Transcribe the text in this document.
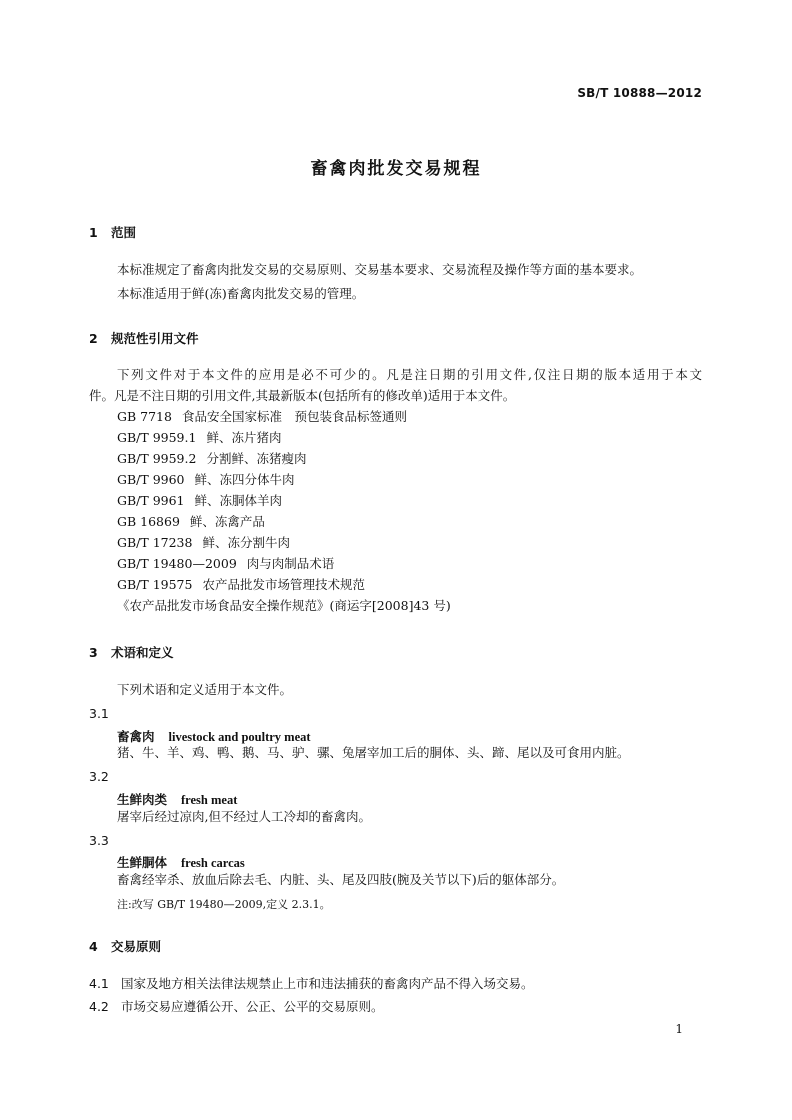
SB/T 10888—2012
畜禽肉批发交易规程
1 范围
本标准规定了畜禽肉批发交易的交易原则、交易基本要求、交易流程及操作等方面的基本要求。
本标准适用于鲜(冻)畜禽肉批发交易的管理。
2 规范性引用文件
下列文件对于本文件的应用是必不可少的。凡是注日期的引用文件,仅注日期的版本适用于本文
件。凡是不注日期的引用文件,其最新版本(包括所有的修改单)适用于本文件。
GB 7718 食品安全国家标准　预包装食品标签通则
GB/T 9959.1 鲜、冻片猪肉
GB/T 9959.2 分割鲜、冻猪瘦肉
GB/T 9960 鲜、冻四分体牛肉
GB/T 9961 鲜、冻胴体羊肉
GB 16869 鲜、冻禽产品
GB/T 17238 鲜、冻分割牛肉
GB/T 19480—2009 肉与肉制品术语
GB/T 19575 农产品批发市场管理技术规范
《农产品批发市场食品安全操作规范》(商运字[2008]43 号)
3 术语和定义
下列术语和定义适用于本文件。
3.1
畜禽肉 livestock and poultry meat
猪、牛、羊、鸡、鸭、鹅、马、驴、骡、兔屠宰加工后的胴体、头、蹄、尾以及可食用内脏。
3.2
生鲜肉类 fresh meat
屠宰后经过凉肉,但不经过人工冷却的畜禽肉。
3.3
生鲜胴体 fresh carcas
畜禽经宰杀、放血后除去毛、内脏、头、尾及四肢(腕及关节以下)后的躯体部分。
注:改写 GB/T 19480—2009,定义 2.3.1。
4 交易原则
4.1 国家及地方相关法律法规禁止上市和违法捕获的畜禽肉产品不得入场交易。
4.2 市场交易应遵循公开、公正、公平的交易原则。
1
